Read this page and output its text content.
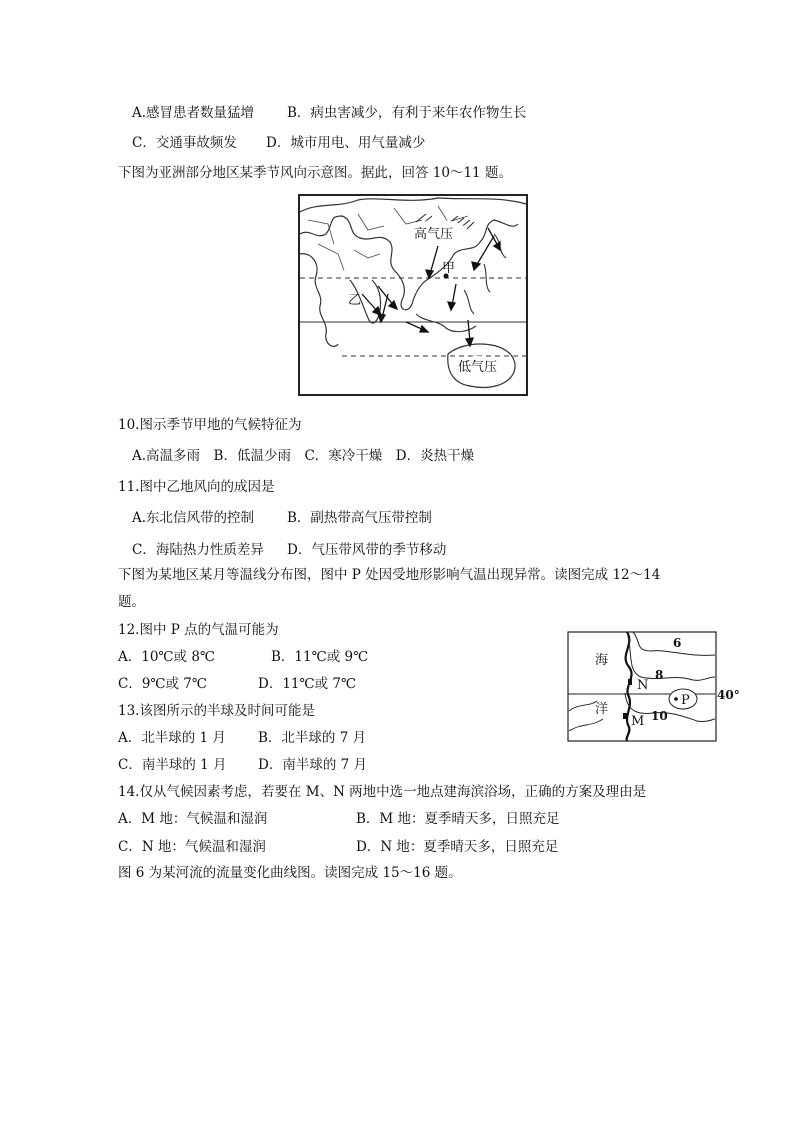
A.感冒患者数量猛增 B．病虫害减少，有利于来年农作物生长
C．交通事故频发 D．城市用电、用气量减少
下图为亚洲部分地区某季节风向示意图。据此，回答 10～11 题。
高气压
甲
乙
低气压
10.图示季节甲地的气候特征为
A.高温多雨　B．低温少雨　C．寒冷干燥　D．炎热干燥
11.图中乙地风向的成因是
A.东北信风带的控制 B．副热带高气压带控制
C．海陆热力性质差异 D．气压带风带的季节移动
下图为某地区某月等温线分布图，图中 P 处因受地形影响气温出现异常。读图完成 12～14
题。
12.图中 P 点的气温可能为
A．10℃或 8℃	B．11℃或 9℃
C．9℃或 7℃	D．11℃或 7℃
P
N
M
海
洋
6
8
10
40°
13.该图所示的半球及时间可能是
A．北半球的 1 月 B．北半球的 7 月
C．南半球的 1 月 D．南半球的 7 月
14.仅从气候因素考虑，若要在 M、N 两地中选一地点建海滨浴场，正确的方案及理由是
A．M 地：气候温和湿润	B．M 地：夏季晴天多，日照充足
C．N 地：气候温和湿润	D．N 地：夏季晴天多，日照充足
图 6 为某河流的流量变化曲线图。读图完成 15～16 题。
